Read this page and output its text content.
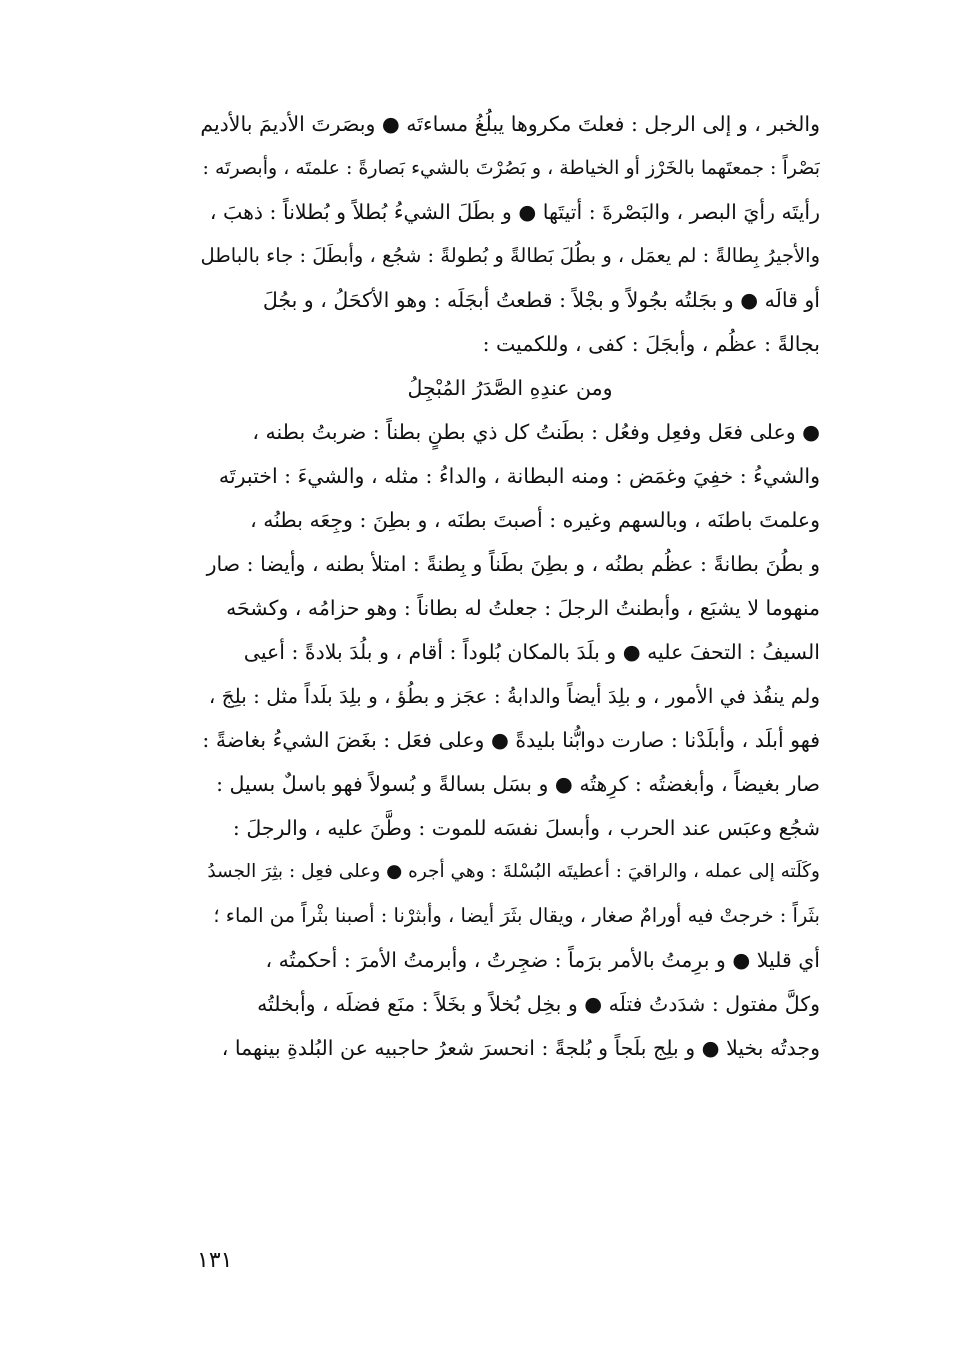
والخبر ، و إلى الرجل : فعلتَ مكروها يبلُغُ مساءتَه ● وبصَرتَ الأديمَ بالأديم
بَصْراً : جمعتَهما بالخَرْز أو الخياطة ، و بَصُرْتَ بالشيء بَصارةً : علمتَه ، وأبصرتَه :
رأيتَه رأيَ البصر ، والبَصْرةَ : أتيتَها ● و بطَلَ الشيءُ بُطلاً و بُطلاناً : ذهبَ ،
والأجيرُ بِطالةً : لم يعمَل ، و بطُلَ بَطالةً و بُطولةً : شجُع ، وأبطَلَ : جاء بالباطل
أو قالَه ● و بجَلتُه بجُولاً و بجْلاً : قطعتُ أبجَلَه : وهو الأكحَلُ ، و بجُلَ
بجالةً : عظُم ، وأبجَلَ : كفى ، وللكميت :
ومن عندِهِ الصَّدَرُ المُبْجِلُ
● وعلى فعَل وفعِل وفعُل : بطَنتُ كل ذي بطنٍ بطناً : ضربتُ بطنه ،
والشيءُ : خفِيَ وغمَض : ومنه البطانة ، والداءُ : مثله ، والشيءَ : اختبرتَه
وعلمتَ باطنَه ، وبالسهم وغيره : أصبتَ بطنَه ، و بطِنَ : وجِعَه بطنُه ،
و بطُنَ بطانةً : عظُم بطنُه ، و بطِنَ بطَناً و بِطنةً : امتلأ بطنه ، وأيضا : صار
منهوما لا يشبَع ، وأبطنتُ الرجلَ : جعلتُ له بطاناً : وهو حزامُه ، وكشحَه
السيفُ : التحفَ عليه ● و بلَدَ بالمكان بُلوداً : أقام ، و بلُدَ بلادةً : أعيى
ولم ينفُذ في الأمور ، و بلِدَ أيضاً والدابةُ : عجَز و بطُؤ ، و بلِدَ بلَداً مثل : بلِجَ ،
فهو أبلَد ، وأبلَدْنا : صارت دوابُّنا بليدةً ● وعلى فعَل : بغَضَ الشيءُ بغاضةً :
صار بغيضاً ، وأبغضتُه : كرِهتُه ● و بسَل بسالةً و بُسولاً فهو باسلٌ بسيل :
شجُع وعبَس عند الحرب ، وأبسلَ نفسَه للموت : وطَّنَ عليه ، والرجلَ :
وكَلَته إلى عمله ، والراقيَ : أعطيتَه البُسْلةَ : وهي أجره ● وعلى فعِل : بثِرَ الجسدُ
بثَراً : خرجتْ فيه أورامٌ صغار ، ويقال بثَرَ أيضا ، وأبثرْنا : أصبنا بثْراً من الماء ؛
أي قليلا ● و برِمتُ بالأمر برَماً : ضجِرتُ ، وأبرمتُ الأمرَ : أحكمتُه ،
وكلَّ مفتول : شدَدتُ فتلَه ● و بخِل بُخلاً و بخَلاً : منَع فضلَه ، وأبخلتُه
وجدتُه بخيلا ● و بلِج بلَجاً و بُلجةً : انحسرَ شعرُ حاجبيه عن البُلدةِ بينهما ،
١٣١
